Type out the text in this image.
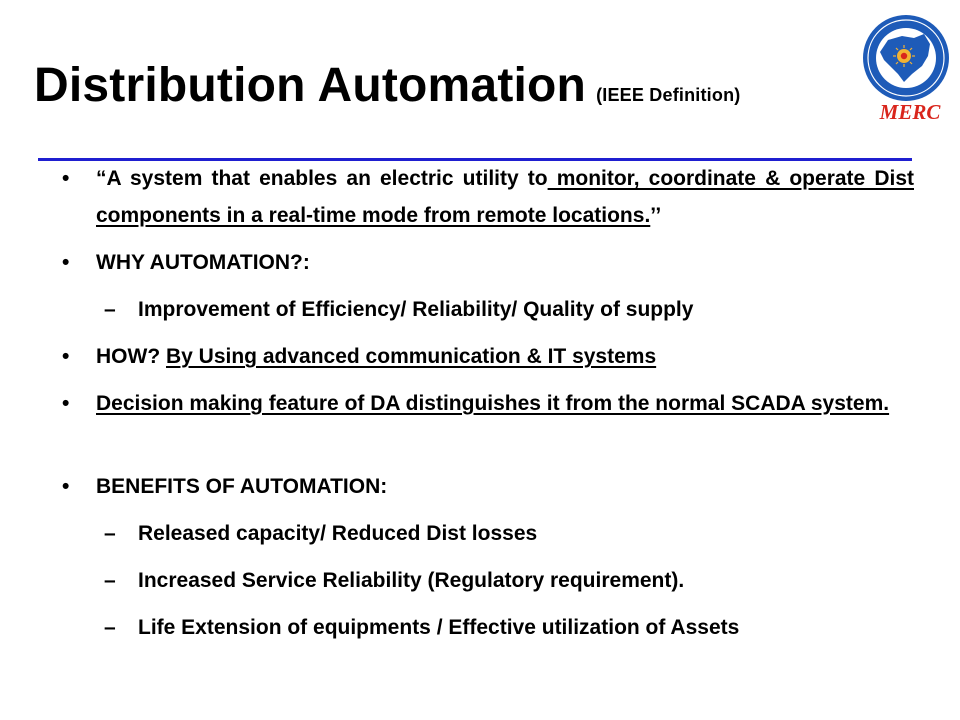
Distribution Automation (IEEE Definition)
MERC
• “A system that enables an electric utility to monitor, coordinate & operate Dist components in a real-time mode from remote locations.’’
• WHY AUTOMATION?:
– Improvement of Efficiency/ Reliability/ Quality of supply
• HOW? By Using advanced communication & IT systems
• Decision making feature of DA distinguishes it from the normal SCADA system.
• BENEFITS OF AUTOMATION:
– Released capacity/ Reduced Dist losses
– Increased Service Reliability (Regulatory requirement).
– Life Extension of equipments / Effective utilization of Assets
